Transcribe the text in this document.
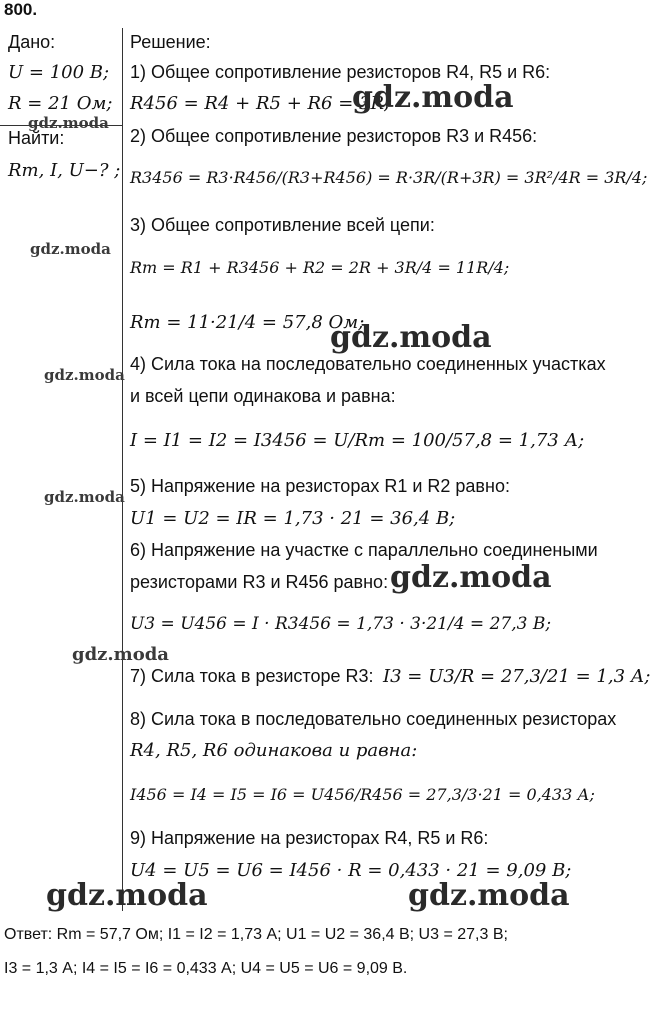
800.
Дано:
U = 100 В;
R = 21 Ом;
Найти:
Rm, I, U−? ;
Решение:
1) Общее сопротивление резисторов R4, R5 и R6:
R456 = R4 + R5 + R6 = 3R;
2) Общее сопротивление резисторов R3 и R456:
R3456 = R3·R456/(R3+R456) = R·3R/(R+3R) = 3R²/4R = 3R/4;
3) Общее сопротивление всей цепи:
Rm = R1 + R3456 + R2 = 2R + 3R/4 = 11R/4;
Rm = 11·21/4 = 57,8 Ом;
4) Сила тока на последовательно соединенных участках
и всей цепи одинакова и равна:
I = I1 = I2 = I3456 = U/Rm = 100/57,8 = 1,73 А;
5) Напряжение на резисторах R1 и R2 равно:
U1 = U2 = IR = 1,73 · 21 = 36,4 В;
6) Напряжение на участке с параллельно соединеными
резисторами R3 и R456 равно:
U3 = U456 = I · R3456 = 1,73 · 3·21/4 = 27,3 В;
7) Сила тока в резисторе R3: I3 = U3/R = 27,3/21 = 1,3 А;
8) Сила тока в последовательно соединенных резисторах
R4, R5, R6 одинакова и равна:
I456 = I4 = I5 = I6 = U456/R456 = 27,3/3·21 = 0,433 А;
9) Напряжение на резисторах R4, R5 и R6:
U4 = U5 = U6 = I456 · R = 0,433 · 21 = 9,09 В;
Ответ: Rm = 57,7 Ом; I1 = I2 = 1,73 А; U1 = U2 = 36,4 В; U3 = 27,3 В;
I3 = 1,3 А; I4 = I5 = I6 = 0,433 А; U4 = U5 = U6 = 9,09 В.
gdz.moda
gdz.moda
gdz.moda
gdz.moda
gdz.moda
gdz.moda
gdz.moda
gdz.moda
gdz.moda	gdz.moda
